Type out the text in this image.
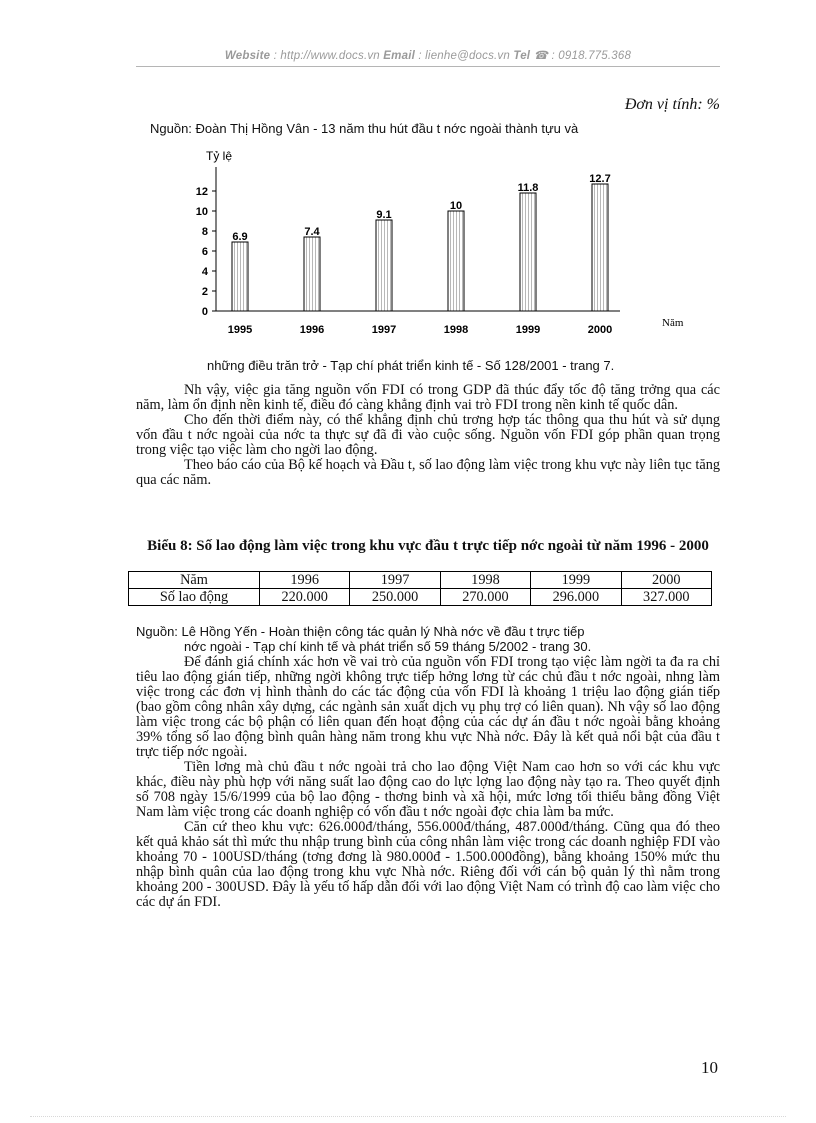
Website : http://www.docs.vn Email : lienhe@docs.vn Tel ☎ : 0918.775.368
Đơn vị tính: %
Nguồn: Đoàn Thị Hồng Vân - 13 năm thu hút đầu t nớc ngoài thành tựu và
Tỷ lệ
0
2
4
6
8
10
12
6.9
1995
7.4
1996
9.1
1997
10
1998
11.8
1999
12.7
2000
Năm
những điều trăn trở - Tạp chí phát triển kinh tế - Số 128/2001 - trang 7.

Nh vậy, việc gia tăng nguồn vốn FDI có trong GDP đã thúc đẩy tốc độ tăng trởng qua các năm, làm ổn định nền kinh tế, điều đó càng khẳng định vai trò FDI trong nền kinh tế quốc dân.

Cho đến thời điểm này, có thể khẳng định chủ trơng hợp tác thông qua thu hút và sử dụng vốn đầu t nớc ngoài của nớc ta thực sự đã đi vào cuộc sống. Nguồn vốn FDI góp phần quan trọng trong việc tạo việc làm cho ngời lao động.

Theo báo cáo của Bộ kế hoạch và Đầu t, số lao động làm việc trong khu vực này liên tục tăng qua các năm.

Biểu 8: Số lao động làm việc trong khu vực đầu t trực tiếp nớc ngoài từ năm 1996 - 2000
Năm	1996	1997	1998	1999	2000
Số lao động	220.000	250.000	270.000	296.000	327.000
Nguồn: Lê Hồng Yến - Hoàn thiện công tác quản lý Nhà nớc về đầu t trực tiếp
nớc ngoài - Tạp chí kinh tế và phát triển số 59 tháng 5/2002 - trang 30.

Để đánh giá chính xác hơn về vai trò của nguồn vốn FDI trong tạo việc làm ngời ta đa ra chỉ tiêu lao động gián tiếp, những ngời không trực tiếp hởng lơng từ các chủ đầu t nớc ngoài, nhng làm việc trong các đơn vị hình thành do các tác động của vốn FDI là khoảng 1 triệu lao động gián tiếp (bao gồm công nhân xây dựng, các ngành sản xuất dịch vụ phụ trợ có liên quan). Nh vậy số lao động làm việc trong các bộ phận có liên quan đến hoạt động của các dự án đầu t nớc ngoài bằng khoảng 39% tổng số lao động bình quân hàng năm trong khu vực Nhà nớc. Đây là kết quả nổi bật của đầu t trực tiếp nớc ngoài.

Tiền lơng mà chủ đầu t nớc ngoài trả cho lao động Việt Nam cao hơn so với các khu vực khác, điều này phù hợp với năng suất lao động cao do lực lợng lao động này tạo ra. Theo quyết định số 708 ngày 15/6/1999 của bộ lao động - thơng binh và xã hội, mức lơng tối thiểu bằng đồng Việt Nam làm việc trong các doanh nghiệp có vốn đầu t nớc ngoài đợc chia làm ba mức.

Căn cứ theo khu vực: 626.000đ/tháng, 556.000đ/tháng, 487.000đ/tháng. Cũng qua đó theo kết quả khảo sát thì mức thu nhập trung bình của công nhân làm việc trong các doanh nghiệp FDI vào khoảng 70 - 100USD/tháng (tơng đơng là 980.000đ - 1.500.000đồng), bằng khoảng 150% mức thu nhập bình quân của lao động trong khu vực Nhà nớc. Riêng đối với cán bộ quản lý thì nằm trong khoảng 200 - 300USD. Đây là yếu tố hấp dẫn đối với lao động Việt Nam có trình độ cao làm việc cho các dự án FDI.

10
